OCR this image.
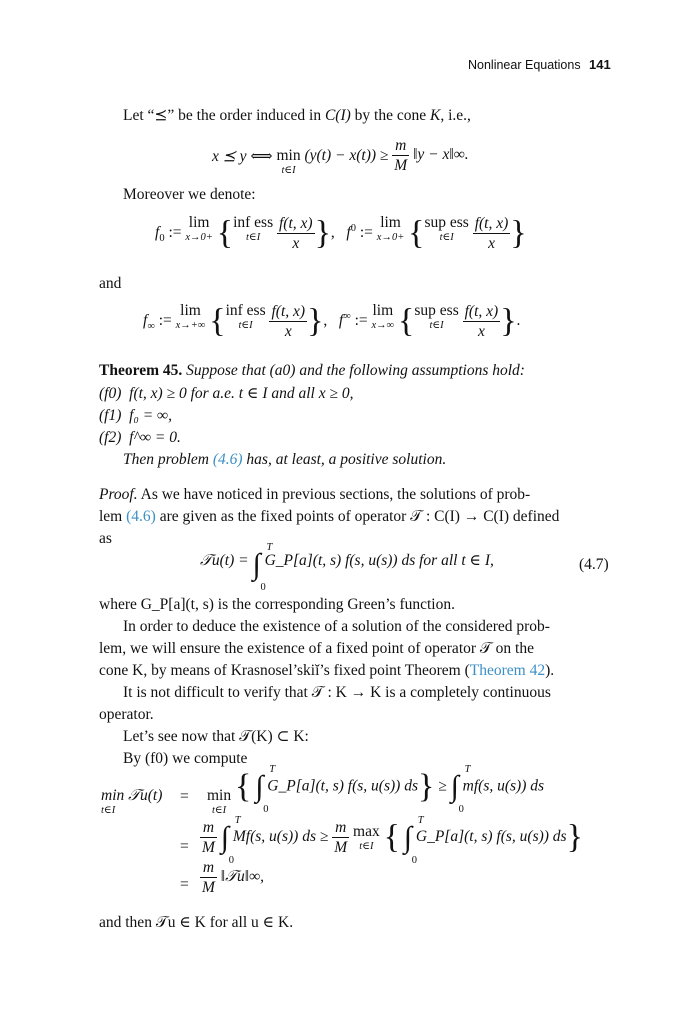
Nonlinear Equations 141
Let “⪯” be the order induced in C(I) by the cone K, i.e.,
x ⪯ y ⟺ min
t∈I
$(y(t) - x(t)) \ge \frac{m}{M}$ ‖y − x‖∞.
Moreover we denote:
$f_0$ := lim
x→0+ {inf ess
t∈I
	$\frac{f(t, x)}{x}$ }, $f^0$ := lim
x→0+ {sup ess
t∈I
	$\frac{f(t, x)}{x}$ }
and
$f_\infty$ := lim
x→+∞ {inf ess
t∈I
	$\frac{f(t, x)}{x}$ }, f∞ := lim
x→∞ {sup ess
t∈I
	$\frac{f(t, x)}{x}$ }.
Theorem 45. Suppose that (a0) and the following assumptions hold:
(f0) f(t, x) ≥ 0 for a.e. t ∈ I and all x ≥ 0,
(f1) f₀ = ∞,
(f2) f^∞ = 0.
Then problem (4.6) has, at least, a positive solution.
Proof. As we have noticed in previous sections, the solutions of prob-
lem (4.6) are given as the fixed points of operator 𝒯 : C(I) → C(I) defined
as
𝒯u(t) =
T
∫
0
G_P[a](t, s) f(s, u(s)) ds for all t ∈ I,	(4.7)
where G_P[a](t, s) is the corresponding Green’s function.
In order to deduce the existence of a solution of the considered prob-
lem, we will ensure the existence of a fixed point of operator 𝒯 on the
cone K, by means of Krasnosel’skiĭ’s fixed point Theorem (Theorem 42).
It is not difficult to verify that 𝒯 : K → K is a completely continuous
operator.
Let’s see now that 𝒯(K) ⊂ K:
By (f0) we compute
min 𝒯u(t)
t∈I
= min
t∈I
{ T
∫
0
G_P[a](t, s) f(s, u(s)) ds} ≥
T
∫
0
mf(s, u(s)) ds
= $\frac{m}{M}$
T
∫
0
Mf(s, u(s)) ds ≥ $\frac{m}{M}$ max
t∈I { T
∫
0
G_P[a](t, s) f(s, u(s)) ds}
= $\frac{m}{M}$ ‖𝒯u‖∞,
and then 𝒯u ∈ K for all u ∈ K.
